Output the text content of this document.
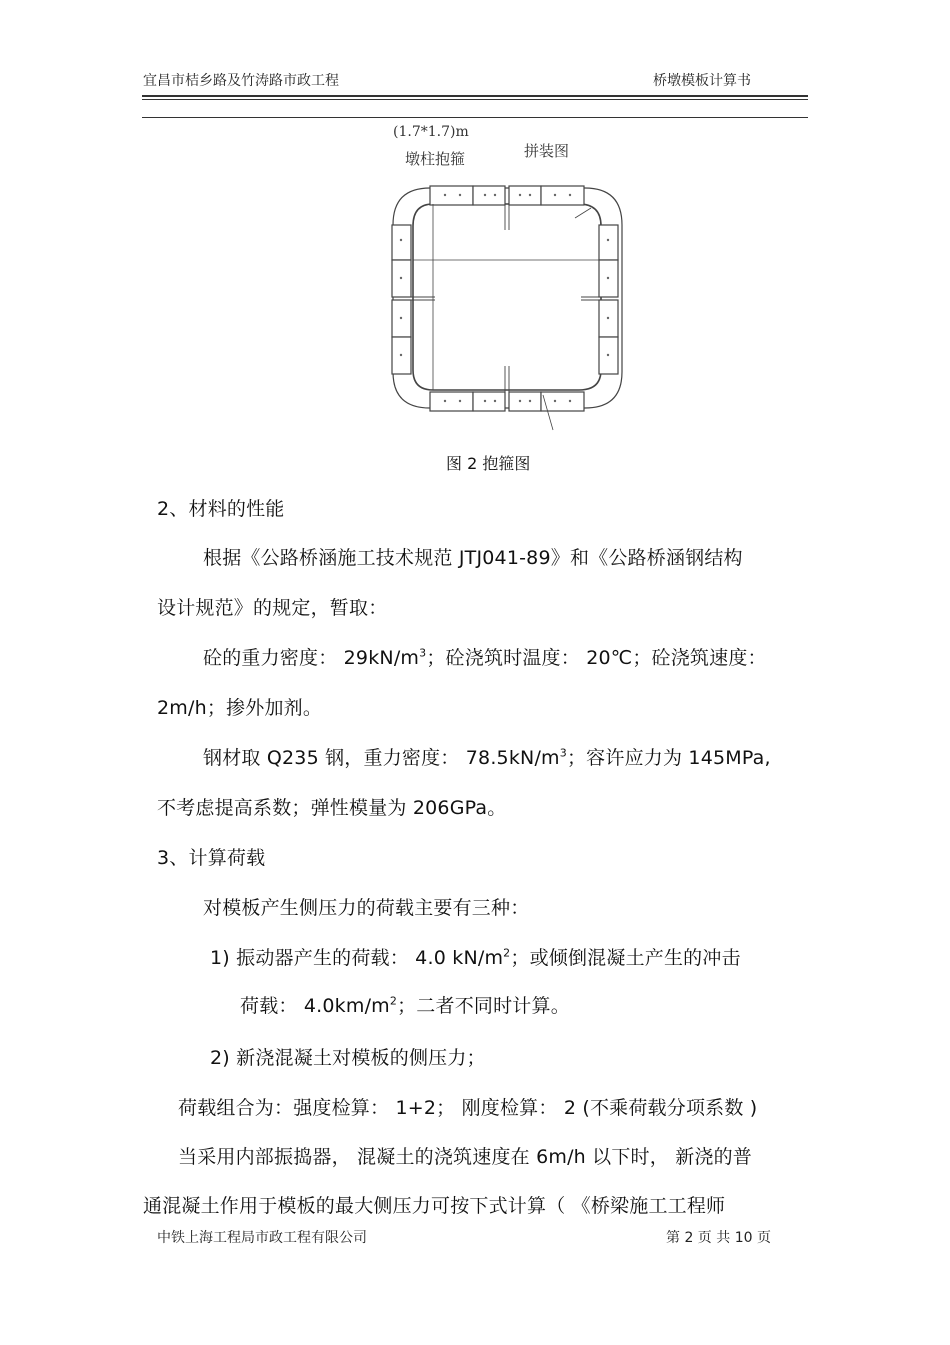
宜昌市桔乡路及竹涛路市政工程	桥墩模板计算书
(1.7*1.7)m
墩柱抱箍	拼装图
图 2 抱箍图
2、材料的性能
根据《公路桥涵施工技术规范 JTJ041-89》和《公路桥涵钢结构
设计规范》的规定，暂取：
砼的重力密度： $29kN/m^3$；砼浇筑时温度： 20℃；砼浇筑速度：
2m/h；掺外加剂。
钢材取 Q235 钢，重力密度： $78.5kN/m^3$；容许应力为 145MPa,
不考虑提高系数；弹性模量为 206GPa。
3、计算荷载
对模板产生侧压力的荷载主要有三种：
1) 振动器产生的荷载： 4.0 $kN/m^2$；或倾倒混凝土产生的冲击
荷载： $4.0km/m^2$；二者不同时计算。
2) 新浇混凝土对模板的侧压力；
荷载组合为：强度检算： 1+2； 刚度检算： 2 (不乘荷载分项系数 )
当采用内部振捣器， 混凝土的浇筑速度在 6m/h 以下时， 新浇的普
通混凝土作用于模板的最大侧压力可按下式计算（ 《桥梁施工工程师
中铁上海工程局市政工程有限公司	第 2 页 共 10 页
